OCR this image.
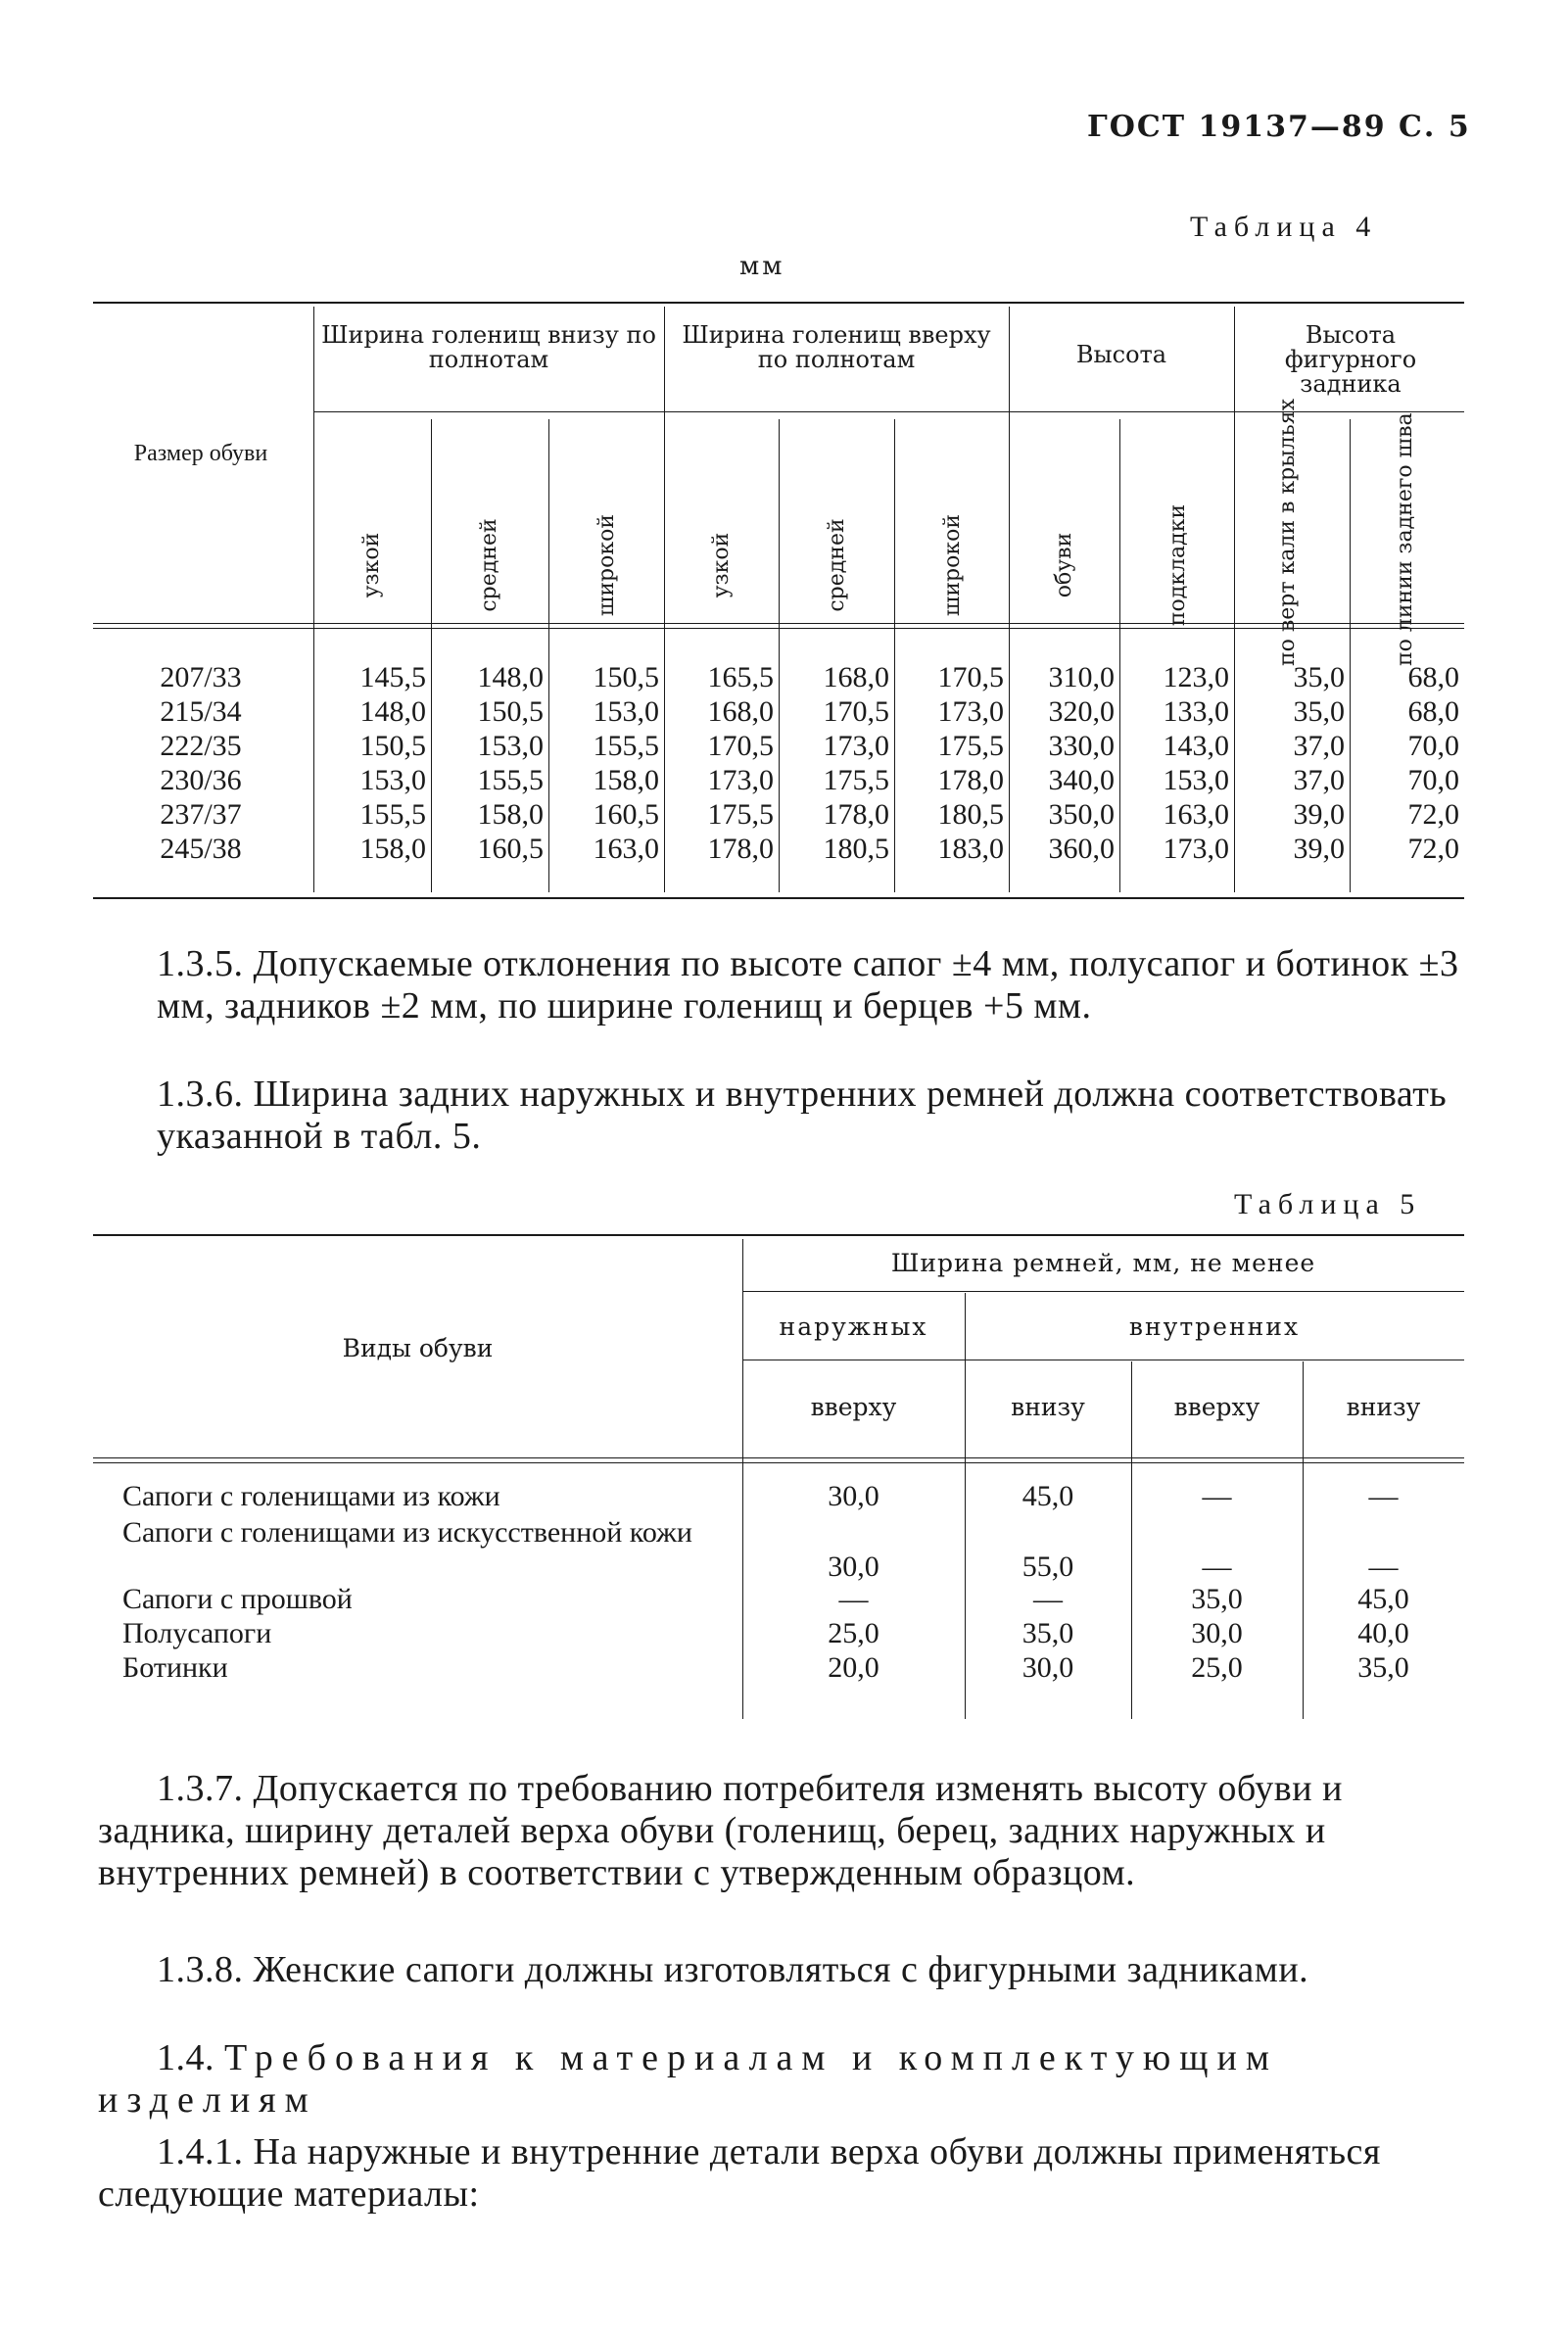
ГОСТ 19137—89 С. 5
Таблица 4
мм
Размер обуви
Ширина голенищ внизу по полнотам
Ширина голенищ вверху по полнотам	Высота
Высота фигурного задника
узкой	средней	широкой	узкой	средней	широкой	обуви	подкладки	по верт кали в крыльях	по линии заднего шва
207/33	145,5	148,0	150,5	165,5	168,0	170,5	310,0	123,0	35,0	68,0
215/34	148,0	150,5	153,0	168,0	170,5	173,0	320,0	133,0	35,0	68,0
222/35	150,5	153,0	155,5	170,5	173,0	175,5	330,0	143,0	37,0	70,0
230/36	153,0	155,5	158,0	173,0	175,5	178,0	340,0	153,0	37,0	70,0
237/37	155,5	158,0	160,5	175,5	178,0	180,5	350,0	163,0	39,0	72,0
245/38	158,0	160,5	163,0	178,0	180,5	183,0	360,0	173,0	39,0	72,0
1.3.5. Допускаемые отклонения по высоте сапог ±4 мм, полусапог и ботинок ±3 мм, задников ±2 мм, по ширине голенищ и берцев +5 мм.
1.3.6. Ширина задних наружных и внутренних ремней должна соответствовать указанной в табл. 5.
Таблица 5
Виды обуви
Ширина ремней, мм, не менее
наружных	внутренних
вверху	внизу	вверху	внизу
Сапоги с голенищами из кожи	30,0	45,0	—	—
Сапоги с голенищами из искусственной кожи
30,0	55,0	—	—
Сапоги с прошвой	—	—	35,0	45,0
Полусапоги	25,0	35,0	30,0	40,0
Ботинки	20,0	30,0	25,0	35,0
1.3.7. Допускается по требованию потребителя изменять высоту обуви и задника, ширину деталей верха обуви (голенищ, берец, задних наружных и внутренних ремней) в соответствии с утвержденным образцом.
1.3.8. Женские сапоги должны изготовляться с фигурными задниками.
1.4. Требования к материалам и комплектующим изделиям
1.4.1. На наружные и внутренние детали верха обуви должны применяться следующие материалы:
